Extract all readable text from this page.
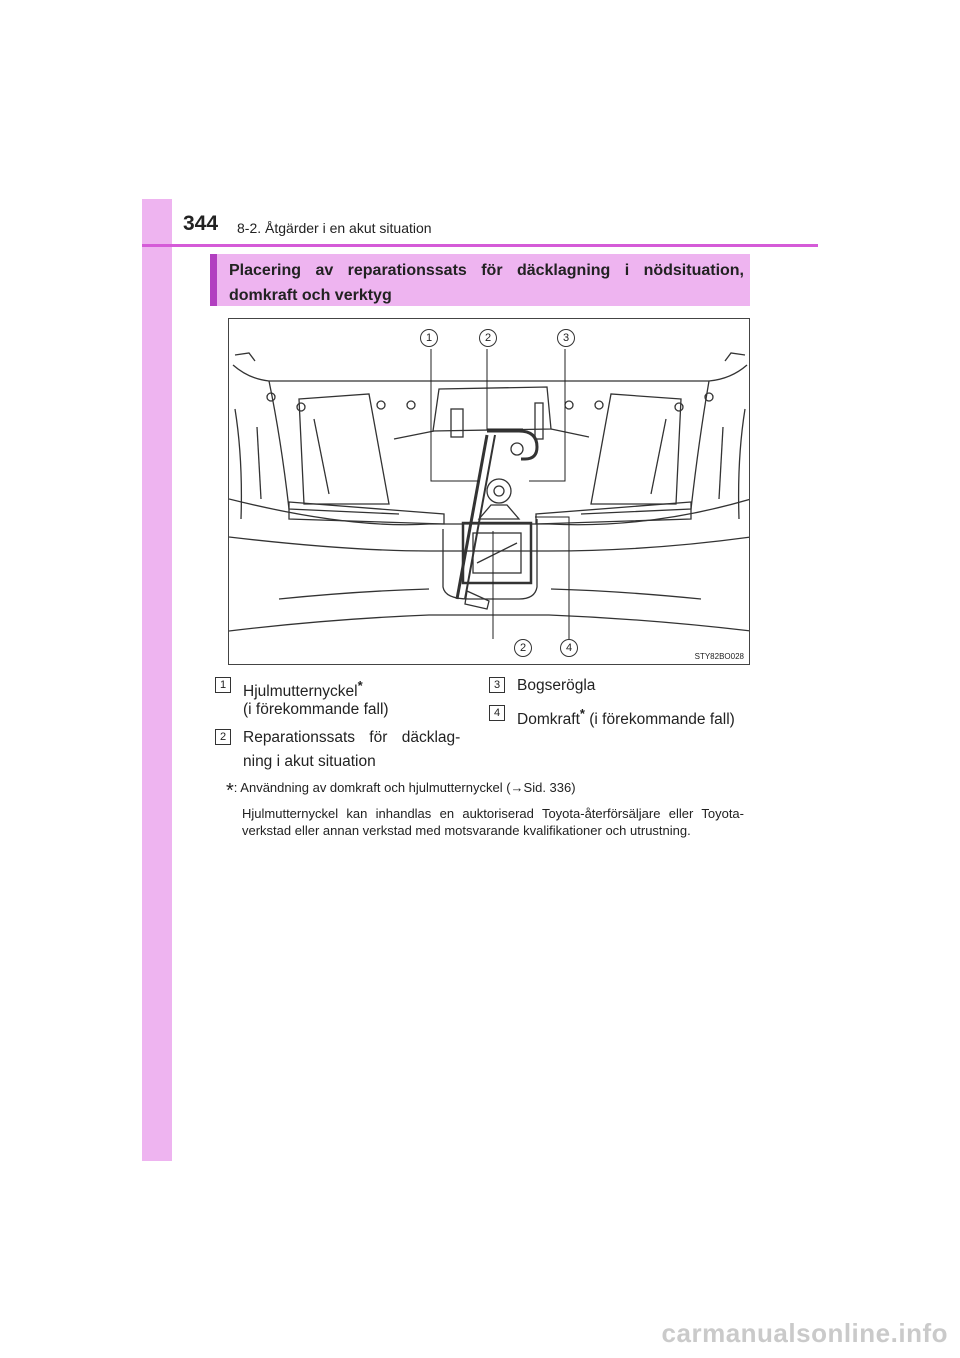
344 8-2. Åtgärder i en akut situation
Placering av reparationssats för däcklagning i nödsituation, domkraft och verktyg
1	2	3
2	4
STY82BO028
1	Hjulmutternyckel*
(i förekommande fall)
2	Reparationssats för däcklag-
ning i akut situation
3	Bogserögla
4	Domkraft* (i förekommande fall)
*: Användning av domkraft och hjulmutternyckel (→Sid. 336)
Hjulmutternyckel kan inhandlas en auktoriserad Toyota-återförsäljare eller Toyota-verkstad eller annan verkstad med motsvarande kvalifikationer och utrustning.
carmanualsonline.info
